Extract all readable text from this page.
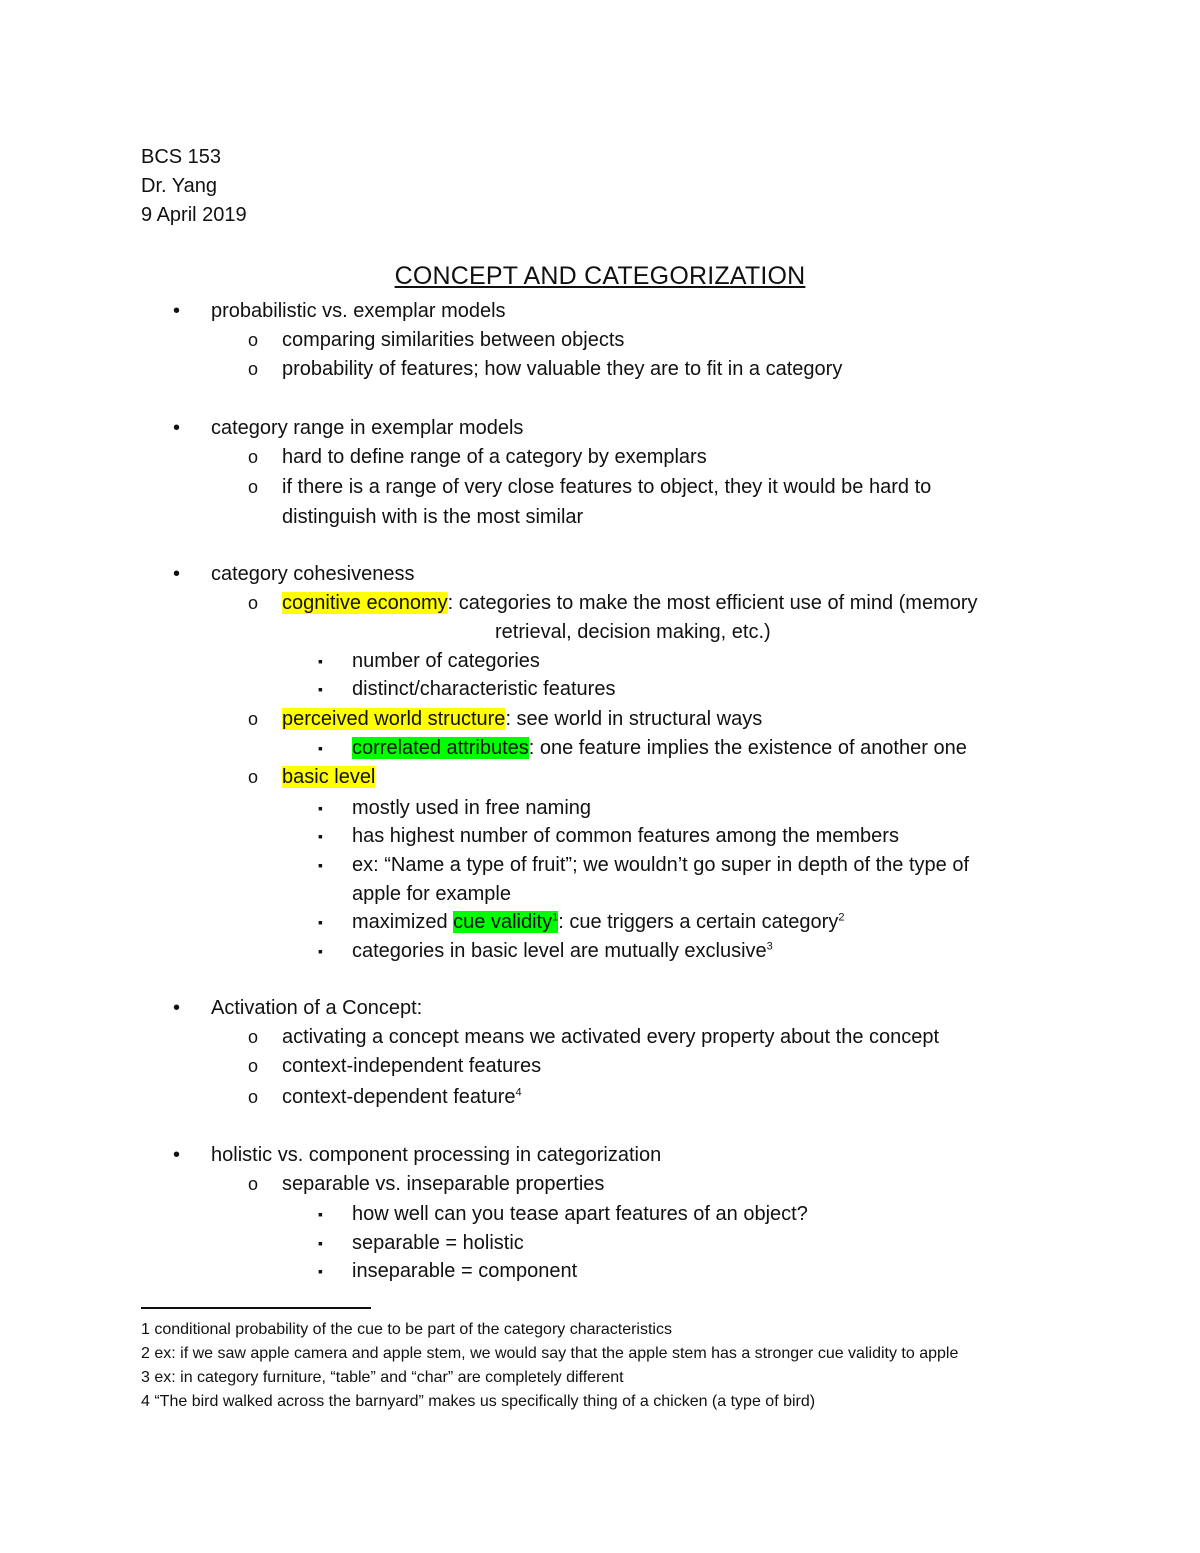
BCS 153
Dr. Yang
9 April 2019
CONCEPT AND CATEGORIZATION
• probabilistic vs. exemplar models
o comparing similarities between objects
o probability of features; how valuable they are to fit in a category
• category range in exemplar models
o hard to define range of a category by exemplars
o if there is a range of very close features to object, they it would be hard to
distinguish with is the most similar
• category cohesiveness
o cognitive economy: categories to make the most efficient use of mind (memory
retrieval, decision making, etc.)
▪ number of categories
▪ distinct/characteristic features
o perceived world structure: see world in structural ways
▪ correlated attributes: one feature implies the existence of another one
o basic level
▪ mostly used in free naming
▪ has highest number of common features among the members
▪ ex: “Name a type of fruit”; we wouldn’t go super in depth of the type of
apple for example
▪ maximized cue validity$^1$: cue triggers a certain category$^2$
▪ categories in basic level are mutually exclusive$^3$
• Activation of a Concept:
o activating a concept means we activated every property about the concept
o context-independent features
o context-dependent feature$^4$
• holistic vs. component processing in categorization
o separable vs. inseparable properties
▪ how well can you tease apart features of an object?
▪ separable = holistic
▪ inseparable = component
1 conditional probability of the cue to be part of the category characteristics
2 ex: if we saw apple camera and apple stem, we would say that the apple stem has a stronger cue validity to apple
3 ex: in category furniture, “table” and “char” are completely different
4 “The bird walked across the barnyard” makes us specifically thing of a chicken (a type of bird)
